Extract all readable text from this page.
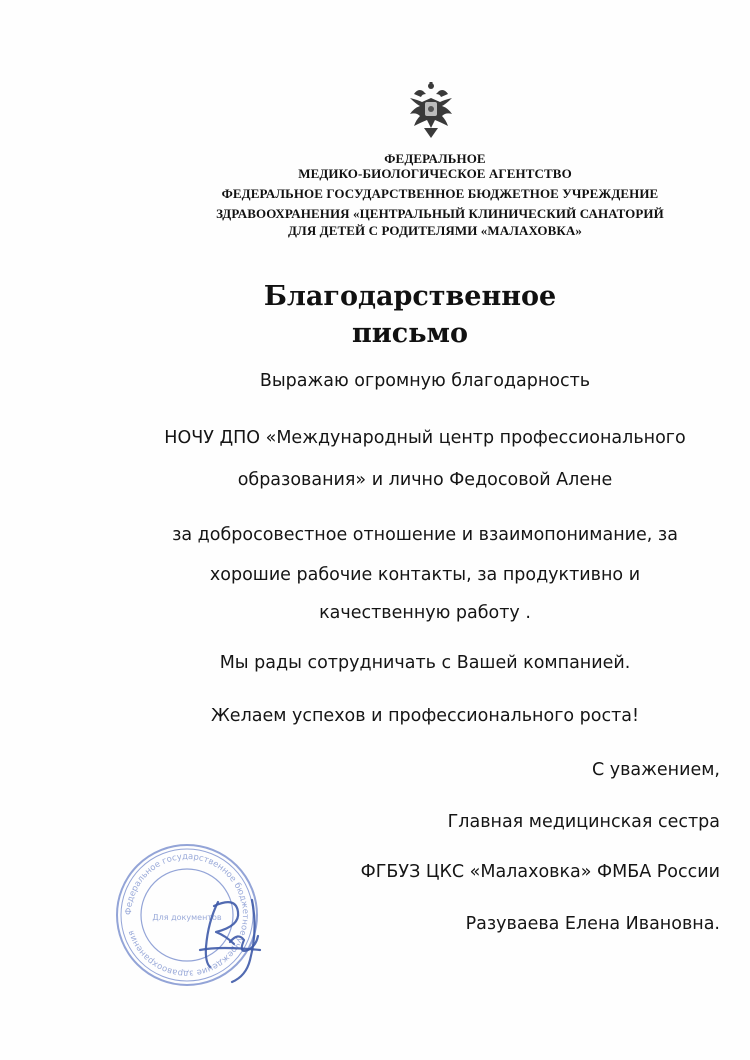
ФЕДЕРАЛЬНОЕ
МЕДИКО-БИОЛОГИЧЕСКОЕ АГЕНТСТВО
ФЕДЕРАЛЬНОЕ ГОСУДАРСТВЕННОЕ БЮДЖЕТНОЕ УЧРЕЖДЕНИЕ
ЗДРАВООХРАНЕНИЯ «ЦЕНТРАЛЬНЫЙ КЛИНИЧЕСКИЙ САНАТОРИЙ
ДЛЯ ДЕТЕЙ С РОДИТЕЛЯМИ «МАЛАХОВКА»
Благодарственное
письмо
Выражаю огромную благодарность
НОЧУ ДПО «Международный центр профессионального
образования» и лично Федосовой Алене
за добросовестное отношение и взаимопонимание, за
хорошие рабочие контакты, за продуктивно и
качественную работу .
Мы рады сотрудничать с Вашей компанией.
Желаем успехов и профессионального роста!
С уважением,
Главная медицинская сестра
ФГБУЗ ЦКС «Малаховка» ФМБА России
Разуваева Елена Ивановна.
Федеральное государственное бюджетное учреждение здравоохранения
Для документов
